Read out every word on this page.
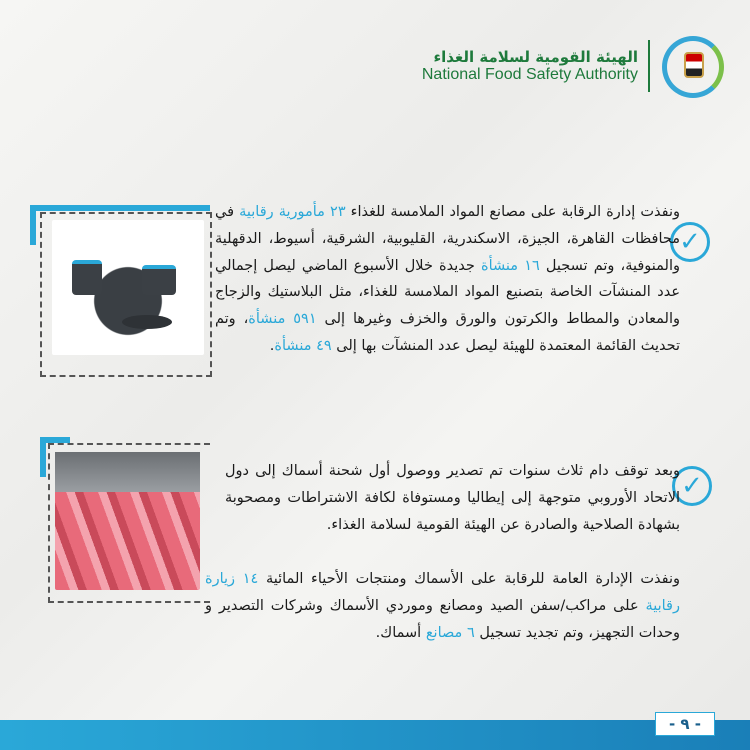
الهيئة القومية لسلامة الغذاء
National Food Safety Authority
✓
ونفذت إدارة الرقابة على مصانع المواد الملامسة للغذاء ٢٣ مأمورية رقابية في محافظات القاهرة، الجيزة، الاسكندرية، القليوبية، الشرقية، أسيوط، الدقهلية والمنوفية، وتم تسجيل ١٦ منشأة جديدة خلال الأسبوع الماضي ليصل إجمالي عدد المنشآت الخاصة بتصنيع المواد الملامسة للغذاء، مثل البلاستيك والزجاج والمعادن والمطاط والكرتون والورق والخزف وغيرها إلى ٥٩١ منشأة، وتم تحديث القائمة المعتمدة للهيئة ليصل عدد المنشآت بها إلى ٤٩ منشأة.
✓
وبعد توقف دام ثلاث سنوات تم تصدير ووصول أول شحنة أسماك إلى دول الاتحاد الأوروبي متوجهة إلى إيطاليا ومستوفاة لكافة الاشتراطات ومصحوبة بشهادة الصلاحية والصادرة عن الهيئة القومية لسلامة الغذاء.
ونفذت الإدارة العامة للرقابة على الأسماك ومنتجات الأحياء المائية ١٤ زيارة رقابية على مراكب/سفن الصيد ومصانع وموردي الأسماك وشركات التصدير و وحدات التجهيز، وتم تجديد تسجيل ٦ مصانع أسماك.
- ٩ -
